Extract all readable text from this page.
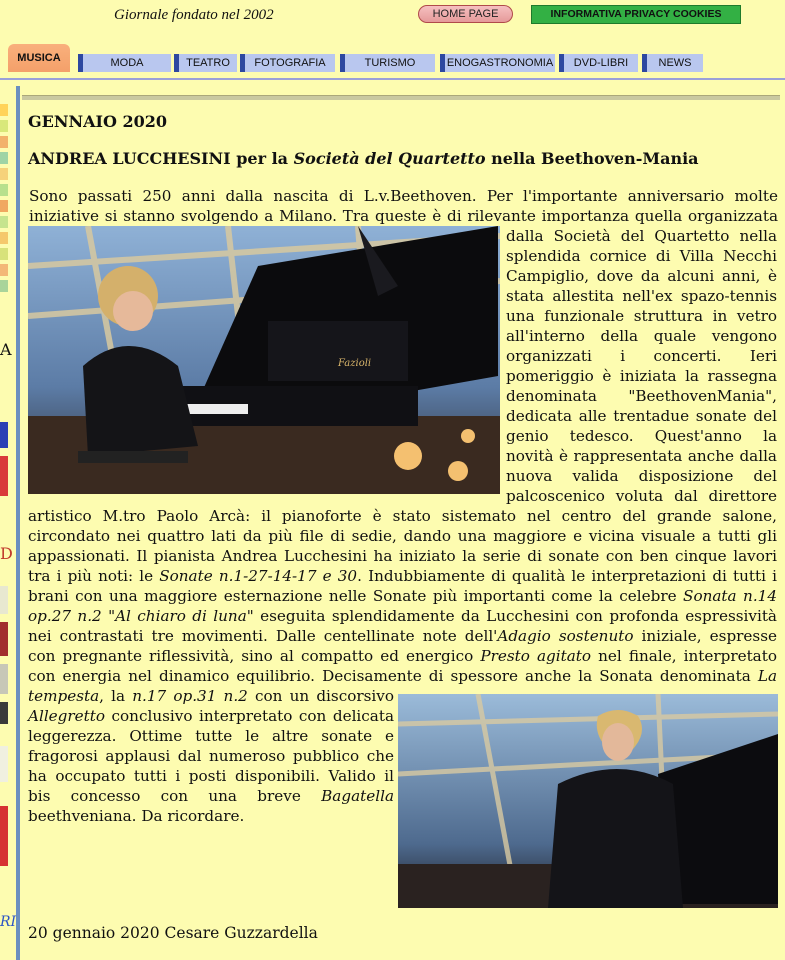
Giornale fondato nel 2002	HOME PAGE	INFORMATIVA PRIVACY COOKIES
MUSICA	MODA	TEATRO	FOTOGRAFIA	TURISMO	ENOGASTRONOMIA	DVD-LIBRI	NEWS
A
D
RI
GENNAIO 2020
ANDREA LUCCHESINI per la Società del Quartetto nella Beethoven-Mania
Fazioli
Sono passati 250 anni dalla nascita di L.v.Beethoven. Per l'importante anniversario molte iniziative si stanno svolgendo a Milano. Tra queste è di rilevante importanza quella organizzata dalla Società del Quartetto nella splendida cornice di Villa Necchi Campiglio, dove da alcuni anni, è stata allestita nell'ex spazo-tennis una funzionale struttura in vetro all'interno della quale vengono organizzati i concerti. Ieri pomeriggio è iniziata la rassegna denominata "BeethovenMania", dedicata alle trentadue sonate del genio tedesco. Quest'anno la novità è rappresentata anche dalla nuova valida disposizione del palcoscenico voluta dal direttore artistico M.tro Paolo Arcà: il pianoforte è stato sistemato nel centro del grande salone, circondato nei quattro lati da più file di sedie, dando una maggiore e vicina visuale a tutti gli appassionati. Il pianista Andrea Lucchesini ha iniziato la serie di sonate con ben cinque lavori tra i più noti: le Sonate n.1-27-14-17 e 30. Indubbiamente di qualità le interpretazioni di tutti i brani con una maggiore esternazione nelle Sonate più importanti come la celebre Sonata n.14 op.27 n.2 "Al chiaro di luna" eseguita splendidamente da Lucchesini con profonda espressività nei contrastati tre movimenti. Dalle centellinate note dell'Adagio sostenuto iniziale, espresse con pregnante riflessività, sino al compatto ed energico Presto agitato nel finale, interpretato con energia nel dinamico equilibrio. Decisamente di spessore anche la Sonata denominata La tempesta, la n.17 op.31 n.2 con un discorsivo Allegretto conclusivo interpretato con delicata leggerezza. Ottime tutte le altre sonate e fragorosi applausi dal numeroso pubblico che ha occupato tutti i posti disponibili. Valido il bis concesso con una breve Bagatella beethveniana. Da ricordare.
20 gennaio 2020 Cesare Guzzardella
